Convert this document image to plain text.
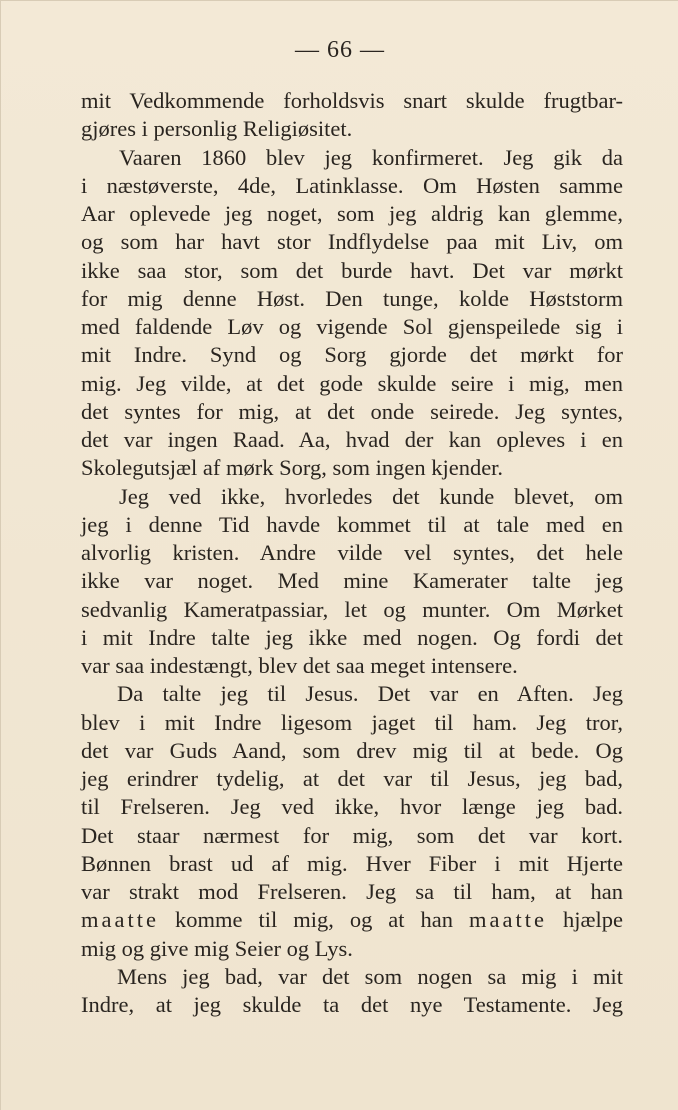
— 66 —
mit Vedkommende forholdsvis snart skulde frugtbar-
gjøres i personlig Religiøsitet.
Vaaren 1860 blev jeg konfirmeret. Jeg gik da
i næstøverste, 4de, Latinklasse. Om Høsten samme
Aar oplevede jeg noget, som jeg aldrig kan glemme,
og som har havt stor Indflydelse paa mit Liv, om
ikke saa stor, som det burde havt. Det var mørkt
for mig denne Høst. Den tunge, kolde Høststorm
med faldende Løv og vigende Sol gjenspeilede sig i
mit Indre. Synd og Sorg gjorde det mørkt for
mig. Jeg vilde, at det gode skulde seire i mig, men
det syntes for mig, at det onde seirede. Jeg syntes,
det var ingen Raad. Aa, hvad der kan opleves i en
Skolegutsjæl af mørk Sorg, som ingen kjender.
Jeg ved ikke, hvorledes det kunde blevet, om
jeg i denne Tid havde kommet til at tale med en
alvorlig kristen. Andre vilde vel syntes, det hele
ikke var noget. Med mine Kamerater talte jeg
sedvanlig Kameratpassiar, let og munter. Om Mørket
i mit Indre talte jeg ikke med nogen. Og fordi det
var saa indestængt, blev det saa meget intensere.
Da talte jeg til Jesus. Det var en Aften. Jeg
blev i mit Indre ligesom jaget til ham. Jeg tror,
det var Guds Aand, som drev mig til at bede. Og
jeg erindrer tydelig, at det var til Jesus, jeg bad,
til Frelseren. Jeg ved ikke, hvor længe jeg bad.
Det staar nærmest for mig, som det var kort.
Bønnen brast ud af mig. Hver Fiber i mit Hjerte
var strakt mod Frelseren. Jeg sa til ham, at han
maatte komme til mig, og at han maatte hjælpe
mig og give mig Seier og Lys.
Mens jeg bad, var det som nogen sa mig i mit
Indre, at jeg skulde ta det nye Testamente. Jeg
